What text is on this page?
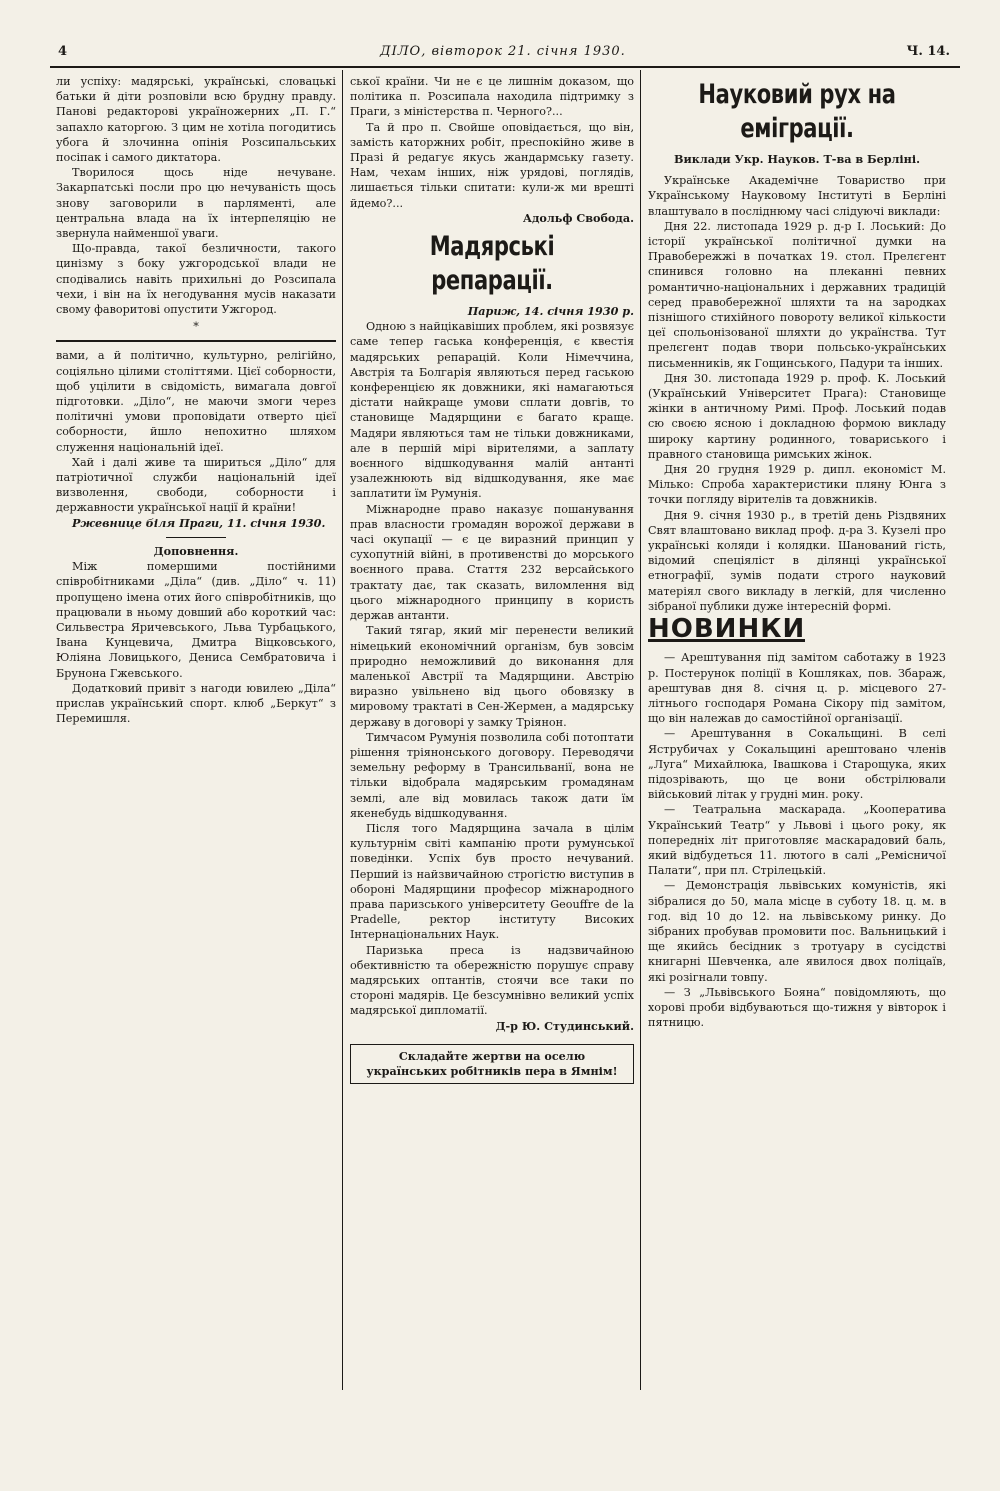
4	ДІЛО, вівторок 21. січня 1930.	Ч. 14.

ли успіху: мадярські, українські, словацькі батьки й діти розповіли всю брудну правду. Панові редакторові україножерних „П. Г.“ запахло каторгою. З цим не хотіла погодитись убога й злочинна опінія Розсипальських посіпак і самого диктатора.

Творилося щось ніде нечуване. Закарпатські посли про цю нечуваність щось знову заговорили в парляменті, але центральна влада на їх інтерпеляцію не звернула найменшої уваги.

Що-правда, такої безличности, такого цинізму з боку ужгородської влади не сподівались навіть прихильні до Розсипала чехи, і він на їх негодування мусів наказати свому фаворитові опустити Ужгород.

*

вами, а й політично, культурно, релігійно, соціяльно цілими століттями. Цієї соборности, щоб уцілити в свідомість, вимагала довгої підготовки. „Діло“, не маючи змоги через політичні умови проповідати отверто цієї соборности, йшло непохитно шляхом служення національній ідеї.

Хай і далі живе та шириться „Діло“ для патріотичної служби національній ідеї визволення, свободи, соборности і державности української нації й країни!

Ржевнице біля Праги, 11. січня 1930.

Доповнення.

Між помершими постійними співробітниками „Діла“ (див. „Діло“ ч. 11) пропущено імена отих його співробітників, що працювали в ньому довший або короткий час: Сильвестра Яричевського, Льва Турбацького, Івана Кунцевича, Дмитра Віцковського, Юліяна Ловицького, Дениса Сембратовича і Брунона Гжевського.

Додатковий привіт з нагоди ювилею „Діла“ прислав український спорт. клюб „Беркут“ з Перемишля.

ської країни. Чи не є це лишнім доказом, що політика п. Розсипала находила підтримку з Праги, з міністерства п. Черного?...

Та й про п. Свойше оповідається, що він, замість каторжних робіт, преспокійно живе в Празі й редагує якусь жандармську газету. Нам, чехам інших, ніж урядові, поглядів, лишається тільки спитати: кули-ж ми врешті йдемо?...

Адольф Свобода.
Мадярські репарації.
Париж, 14. січня 1930 р.

Одною з найцікавіших проблем, які розвязує саме тепер гаська конференція, є квестія мадярських репарацій. Коли Німеччина, Австрія та Болгарія являються перед гаською конференцією як довжники, які намагаються дістати найкраще умови сплати довгів, то становище Мадярщини є багато краще. Мадяри являються там не тільки довжниками, але в першій мірі вірителями, а заплату воєнного відшкодування малій антанті узалежнюють від відшкодування, яке має заплатити їм Румунія.

Міжнародне право наказує пошанування прав власности громадян ворожої держави в часі окупації — є це виразний принцип у сухопутній війні, в противенстві до морського воєнного права. Стаття 232 версайського трактату дає, так сказать, виломлення від цього міжнародного принципу в користь держав антанти.

Такий тягар, який міг перенести великий німецький економічний організм, був зовсім природно неможливий до виконання для маленької Австрії та Мадярщини. Австрію виразно увільнено від цього обовязку в мировому трактаті в Сен-Жермен, а мадярську державу в договорі у замку Тріянон.

Тимчасом Румунія позволила собі потоптати рішення тріянонського договору. Переводячи земельну реформу в Трансильванії, вона не тільки відобрала мадярським громадянам землі, але від мовилась також дати їм якенебудь відшкодування.

Після того Мадярщина зачала в цілім культурнім світі кампанію проти румунської поведінки. Успіх був просто нечуваний. Перший із найзвичайною строгістю виступив в обороні Мадярщини професор міжнародного права паризського університету Geouffre de la Pradelle, ректор інституту Високих Інтернаціональних Наук.

Паризька преса із надзвичайною обективністю та обережністю порушує справу мадярських оптантів, стоячи все таки по стороні мадярів. Це безсумнівно великий успіх мадярської дипломатії.

Д-р Ю. Студинський.
Складайте жертви на оселю українських робітників пера в Ямнім!
Науковий рух на еміграції.
Виклади Укр. Науков. Т-ва в Берліні.

Українське Академічне Товариство при Українському Науковому Інституті в Берліні влаштувало в посліднюму часі слідуючі виклади:

Дня 22. листопада 1929 р. д-р І. Лоський: До історії української політичної думки на Правобережжі в початках 19. стол. Прелєгент спинився головно на плеканні певних романтично-національних і державних традицій серед правобережної шляхти та на зародках пізнішого стихійного повороту великої кількости цеї спольонізованої шляхти до українства. Тут прелєгент подав твори польсько-українських письменників, як Гощинського, Падури та інших.

Дня 30. листопада 1929 р. проф. К. Лоський (Український Університет Прага): Становище жінки в античному Римі. Проф. Лоський подав сю своєю ясною і докладною формою викладу широку картину родинного, товариського і правного становища римських жінок.

Дня 20 грудня 1929 р. дипл. економіст М. Мілько: Спроба характеристики пляну Юнга з точки погляду вірителів та довжників.

Дня 9. січня 1930 р., в третій день Різдвяних Свят влаштовано виклад проф. д-ра З. Кузелі про українські коляди і колядки. Шанований гість, відомий спеціяліст в ділянці української етнографії, зумів подати строго науковий матеріял свого викладу в легкій, для численно зібраної публики дуже інтересній формі.

НОВИНКИ

— Арештування під замітом саботажу в 1923 р. Постерунок поліції в Кошляках, пов. Збараж, арештував дня 8. січня ц. р. місцевого 27-літнього господаря Романа Сікору під замітом, що він належав до самостійної організації.

— Арештування в Сокальщині. В селі Яструбичах у Сокальщині арештовано членів „Луга“ Михайлюка, Івашкова і Старощука, яких підозрівають, що це вони обстрілювали військовий літак у грудні мин. року.

— Театральна маскарада. „Кооператива Український Театр“ у Львові і цього року, як попередніх літ приготовляє маскарадовий баль, який відбудеться 11. лютого в салі „Ремісничої Палати“, при пл. Стрілецькій.

— Демонстрація львівських комуністів, які зібралися до 50, мала місце в суботу 18. ц. м. в год. від 10 до 12. на львівському ринку. До зібраних пробував промовити пос. Вальницький і ще якийсь бесідник з тротуару в сусідстві книгарні Шевченка, але явилося двох поліцаїв, які розігнали товпу.

— З „Львівського Бояна“ повідомляють, що хорові проби відбуваються що-тижня у вівторок і пятницю.
